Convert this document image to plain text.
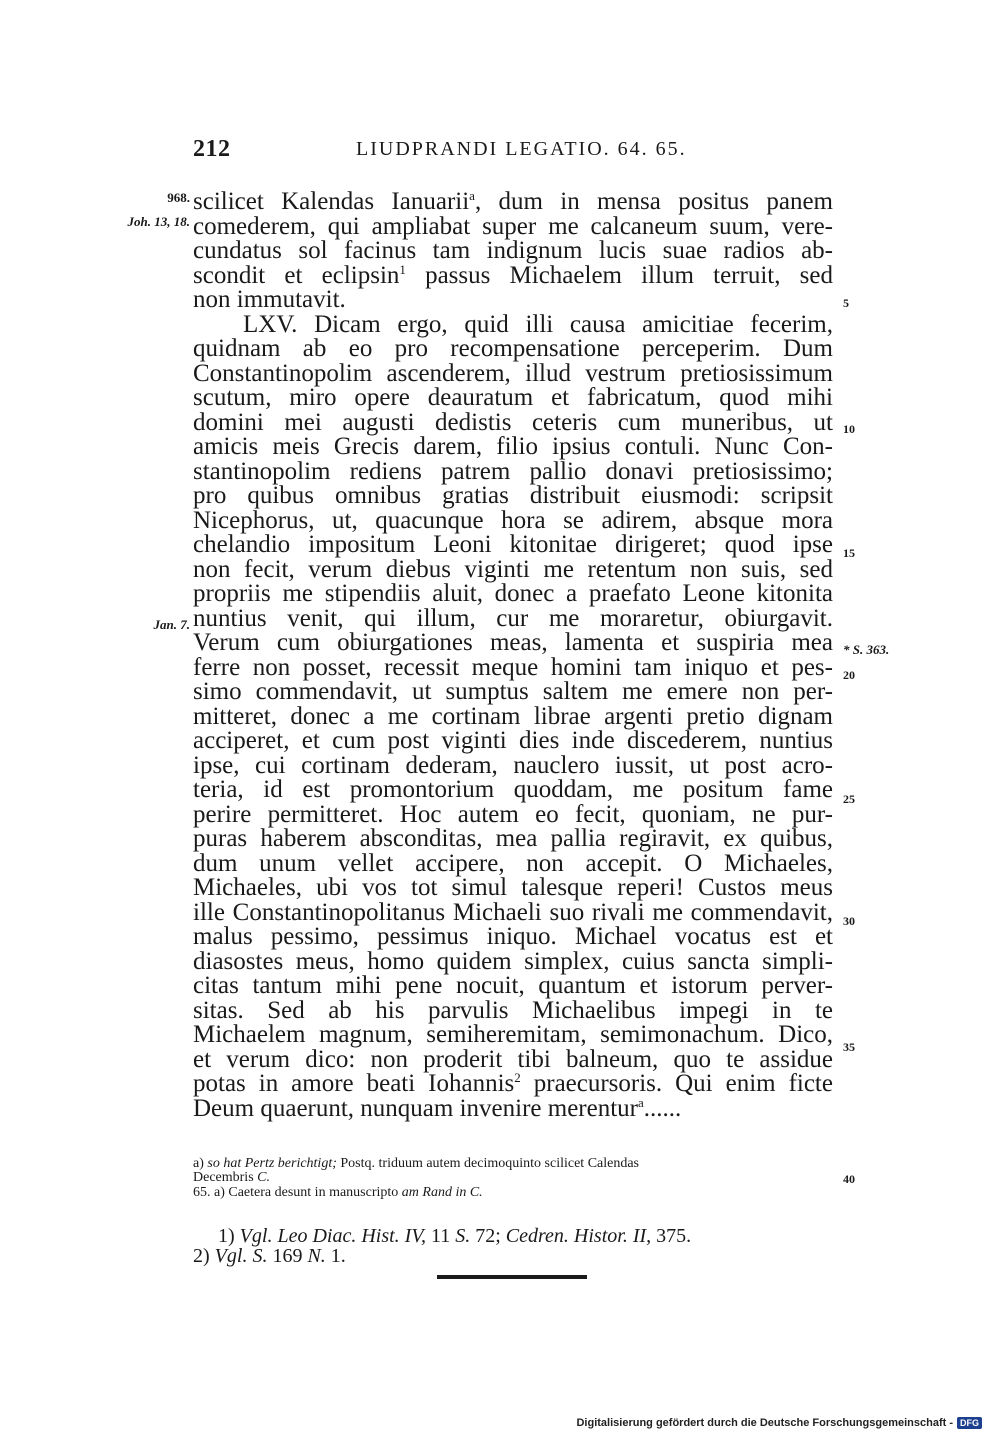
212	LIUDPRANDI LEGATIO. 64. 65.
scilicet Kalendas Ianuarii$^a$, dum in mensa positus panem
comederem, qui ampliabat super me calcaneum suum, vere-
cundatus sol facinus tam indignum lucis suae radios ab-
scondit et eclipsin$^1$ passus Michaelem illum terruit, sed
non immutavit.
LXV. Dicam ergo, quid illi causa amicitiae fecerim,
quidnam ab eo pro recompensatione perceperim. Dum
Constantinopolim ascenderem, illud vestrum pretiosissimum
scutum, miro opere deauratum et fabricatum, quod mihi
domini mei augusti dedistis ceteris cum muneribus, ut
amicis meis Grecis darem, filio ipsius contuli. Nunc Con-
stantinopolim rediens patrem pallio donavi pretiosissimo;
pro quibus omnibus gratias distribuit eiusmodi: scripsit
Nicephorus, ut, quacunque hora se adirem, absque mora
chelandio impositum Leoni kitonitae dirigeret; quod ipse
non fecit, verum diebus viginti me retentum non suis, sed
propriis me stipendiis aluit, donec a praefato Leone kitonita
nuntius venit, qui illum, cur me moraretur, obiurgavit.
Verum cum obiurgationes meas, lamenta et suspiria mea
ferre non posset, recessit meque homini tam iniquo et pes-
simo commendavit, ut sumptus saltem me emere non per-
mitteret, donec a me cortinam librae argenti pretio dignam
acciperet, et cum post viginti dies inde discederem, nuntius
ipse, cui cortinam dederam, nauclero iussit, ut post acro-
teria, id est promontorium quoddam, me positum fame
perire permitteret. Hoc autem eo fecit, quoniam, ne pur-
puras haberem absconditas, mea pallia regiravit, ex quibus,
dum unum vellet accipere, non accepit. O Michaeles,
Michaeles, ubi vos tot simul talesque reperi! Custos meus
ille Constantinopolitanus Michaeli suo rivali me commendavit,
malus pessimo, pessimus iniquo. Michael vocatus est et
diasostes meus, homo quidem simplex, cuius sancta simpli-
citas tantum mihi pene nocuit, quantum et istorum perver-
sitas. Sed ab his parvulis Michaelibus impegi in te
Michaelem magnum, semiheremitam, semimonachum. Dico,
et verum dico: non proderit tibi balneum, quo te assidue
potas in amore beati Iohannis$^2$ praecursoris. Qui enim ficte
Deum quaerunt, nunquam invenire merentur$^a$......
968.
Joh. 13, 18.
Jan. 7.
5
10
15
20
25
30
35
40
* S. 363.
a) so hat Pertz berichtigt; Postq. triduum autem decimoquinto scilicet Calendas
Decembris C.
65. a) Caetera desunt in manuscripto am Rand in C.
1) Vgl. Leo Diac. Hist. IV, 11 S. 72; Cedren. Histor. II, 375.
2) Vgl. S. 169 N. 1.
Digitalisierung gefördert durch die Deutsche Forschungsgemeinschaft - DFG
